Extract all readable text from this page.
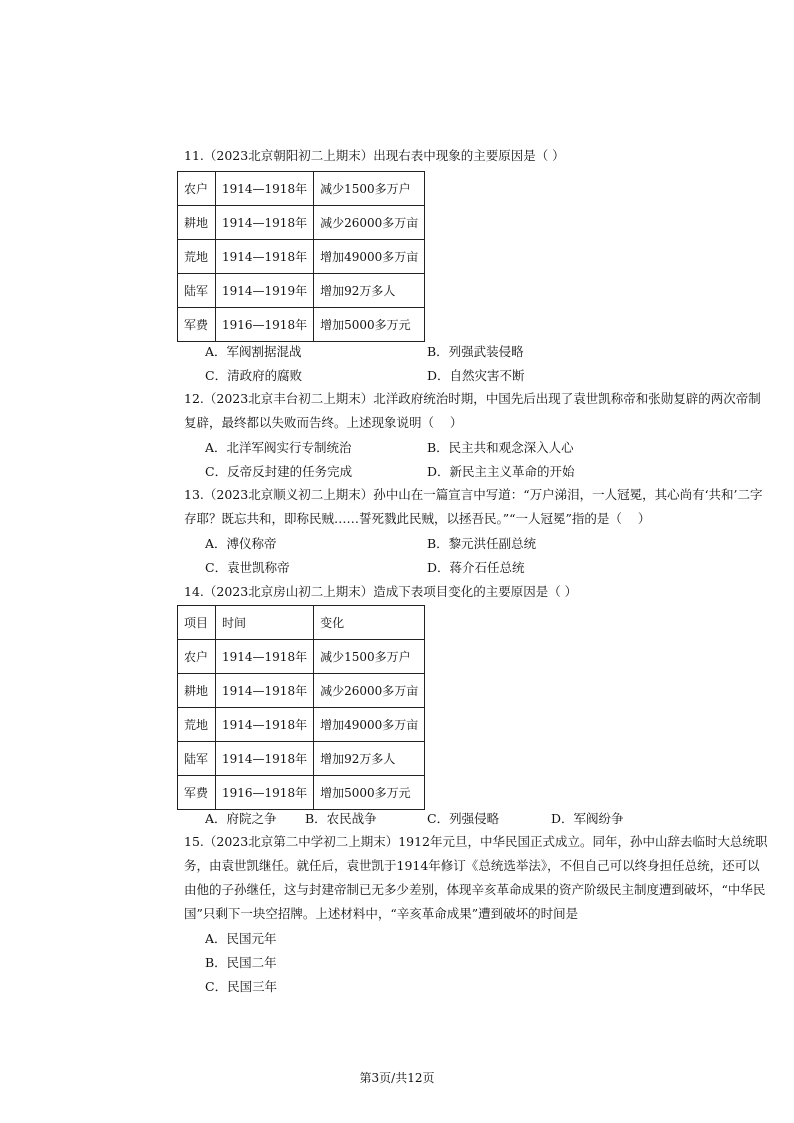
11.（2023北京朝阳初二上期末）出现右表中现象的主要原因是（ ）
农户	1914—1918年	减少1500多万户
耕地	1914—1918年	减少26000多万亩
荒地	1914—1918年	增加49000多万亩
陆军	1914—1919年	增加92万多人
军费	1916—1918年	增加5000多万元
A．军阀割据混战	B．列强武装侵略
C．清政府的腐败	D．自然灾害不断
12.（2023北京丰台初二上期末）北洋政府统治时期，中国先后出现了袁世凯称帝和张勋复辟的两次帝制
复辟，最终都以失败而告终。上述现象说明（    ）
A．北洋军阀实行专制统治	B．民主共和观念深入人心
C．反帝反封建的任务完成	D．新民主主义革命的开始
13.（2023北京顺义初二上期末）孙中山在一篇宣言中写道：“万户涕泪，一人冠冕，其心尚有‘共和’二字
存耶？既忘共和，即称民贼……誓死戮此民贼，以拯吾民。”“一人冠冕”指的是（    ）
A．溥仪称帝	B．黎元洪任副总统
C．袁世凯称帝	D．蒋介石任总统
14.（2023北京房山初二上期末）造成下表项目变化的主要原因是（ ）
项目	时间	变化
农户	1914—1918年	减少1500多万户
耕地	1914—1918年	减少26000多万亩
荒地	1914—1918年	增加49000多万亩
陆军	1914—1918年	增加92万多人
军费	1916—1918年	增加5000多万元
A．府院之争 B．农民战争	C．列强侵略	D．军阀纷争
15.（2023北京第二中学初二上期末）1912年元旦，中华民国正式成立。同年，孙中山辞去临时大总统职
务，由袁世凯继任。就任后，袁世凯于1914年修订《总统选举法》，不但自己可以终身担任总统，还可以
由他的子孙继任，这与封建帝制已无多少差别，体现辛亥革命成果的资产阶级民主制度遭到破坏，“中华民
国”只剩下一块空招牌。上述材料中，“辛亥革命成果”遭到破坏的时间是
A．民国元年
B．民国二年
C．民国三年
第3页/共12页
